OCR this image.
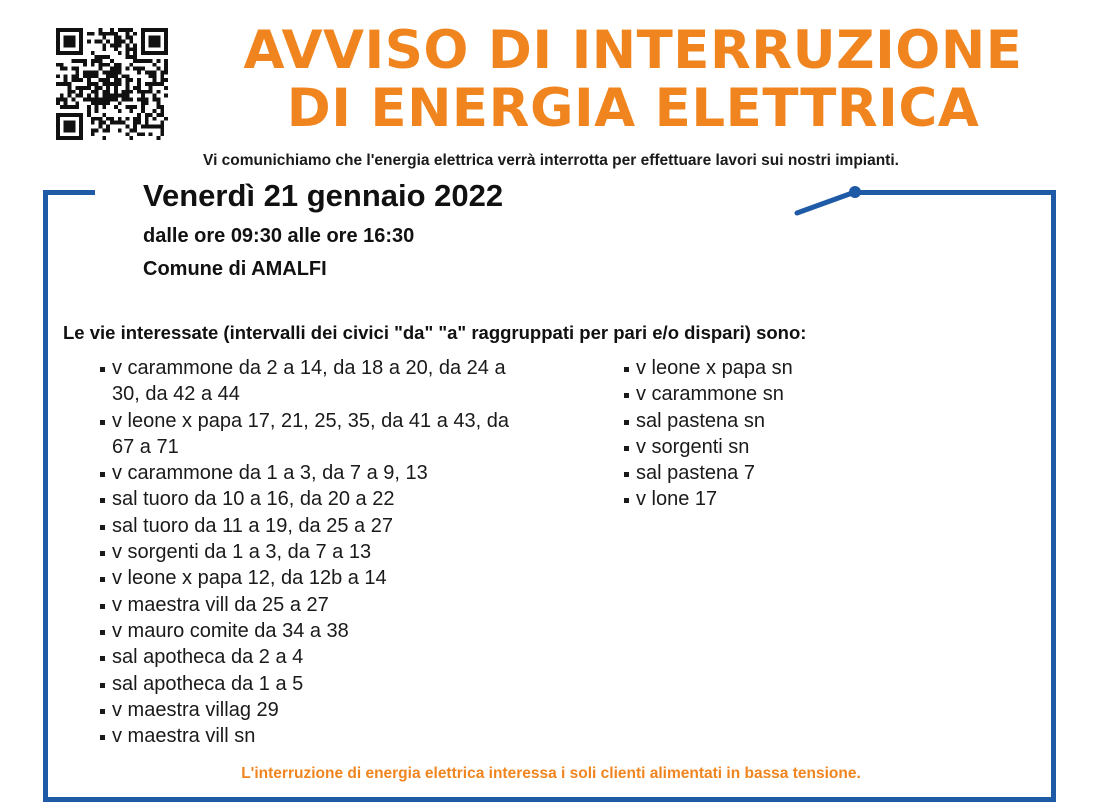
AVVISO DI INTERRUZIONE
DI ENERGIA ELETTRICA
Vi comunichiamo che l'energia elettrica verrà interrotta per effettuare lavori sui nostri impianti.
Venerdì 21 gennaio 2022
dalle ore 09:30 alle ore 16:30
Comune di AMALFI
Le vie interessate (intervalli dei civici "da" "a" raggruppati per pari e/o dispari) sono:
v carammone da 2 a 14, da 18 a 20, da 24 a 30, da 42 a 44
v leone x papa 17, 21, 25, 35, da 41 a 43, da 67 a 71
v carammone da 1 a 3, da 7 a 9, 13
sal tuoro da 10 a 16, da 20 a 22
sal tuoro da 11 a 19, da 25 a 27
v sorgenti da 1 a 3, da 7 a 13
v leone x papa 12, da 12b a 14
v maestra vill da 25 a 27
v mauro comite da 34 a 38
sal apotheca da 2 a 4
sal apotheca da 1 a 5
v maestra villag 29
v maestra vill sn
v leone x papa sn
v carammone sn
sal pastena sn
v sorgenti sn
sal pastena 7
v lone 17
L'interruzione di energia elettrica interessa i soli clienti alimentati in bassa tensione.
